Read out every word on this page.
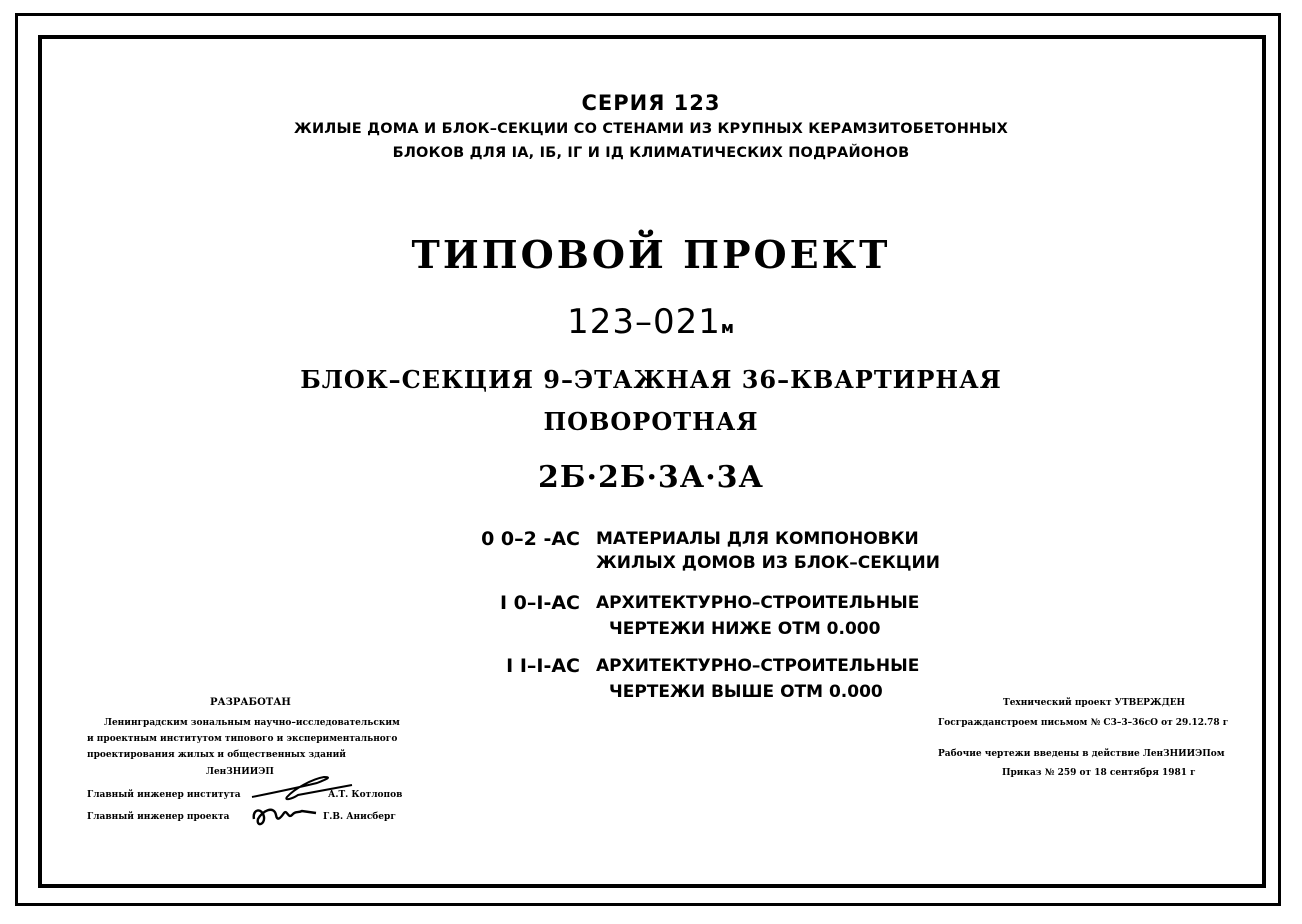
СЕРИЯ 123
ЖИЛЫЕ ДОМА И БЛОК–СЕКЦИИ СО СТЕНАМИ ИЗ КРУПНЫХ КЕРАМЗИТОБЕТОННЫХ
БЛОКОВ ДЛЯ IА, IБ, IГ И IД КЛИМАТИЧЕСКИХ ПОДРАЙОНОВ
ТИПОВОЙ ПРОЕКТ
123–021м
БЛОК–СЕКЦИЯ 9–ЭТАЖНАЯ 36–КВАРТИРНАЯ
ПОВОРОТНАЯ
2Б·2Б·3А·3А
0 0–2 -АС МАТЕРИАЛЫ ДЛЯ КОМПОНОВКИ
ЖИЛЫХ ДОМОВ ИЗ БЛОК–СЕКЦИИ
I 0–I-АС АРХИТЕКТУРНО–СТРОИТЕЛЬНЫЕ
ЧЕРТЕЖИ НИЖЕ ОТМ 0.000
I I–I-АС АРХИТЕКТУРНО–СТРОИТЕЛЬНЫЕ
ЧЕРТЕЖИ ВЫШЕ ОТМ 0.000
РАЗРАБОТАН
Ленинградским зональным научно–исследовательским
и проектным институтом типового и экспериментального
проектирования жилых и общественных зданий
ЛенЗНИИЭП
Главный инженер института	А.Т. Котлопов
Главный инженер проекта	Г.В. Анисберг
Технический проект УТВЕРЖДЕН
Госгражданстроем письмом № С3–3–36сО от 29.12.78 г
Рабочие чертежи введены в действие ЛенЗНИИЭПом
Приказ № 259 от 18 сентября 1981 г
